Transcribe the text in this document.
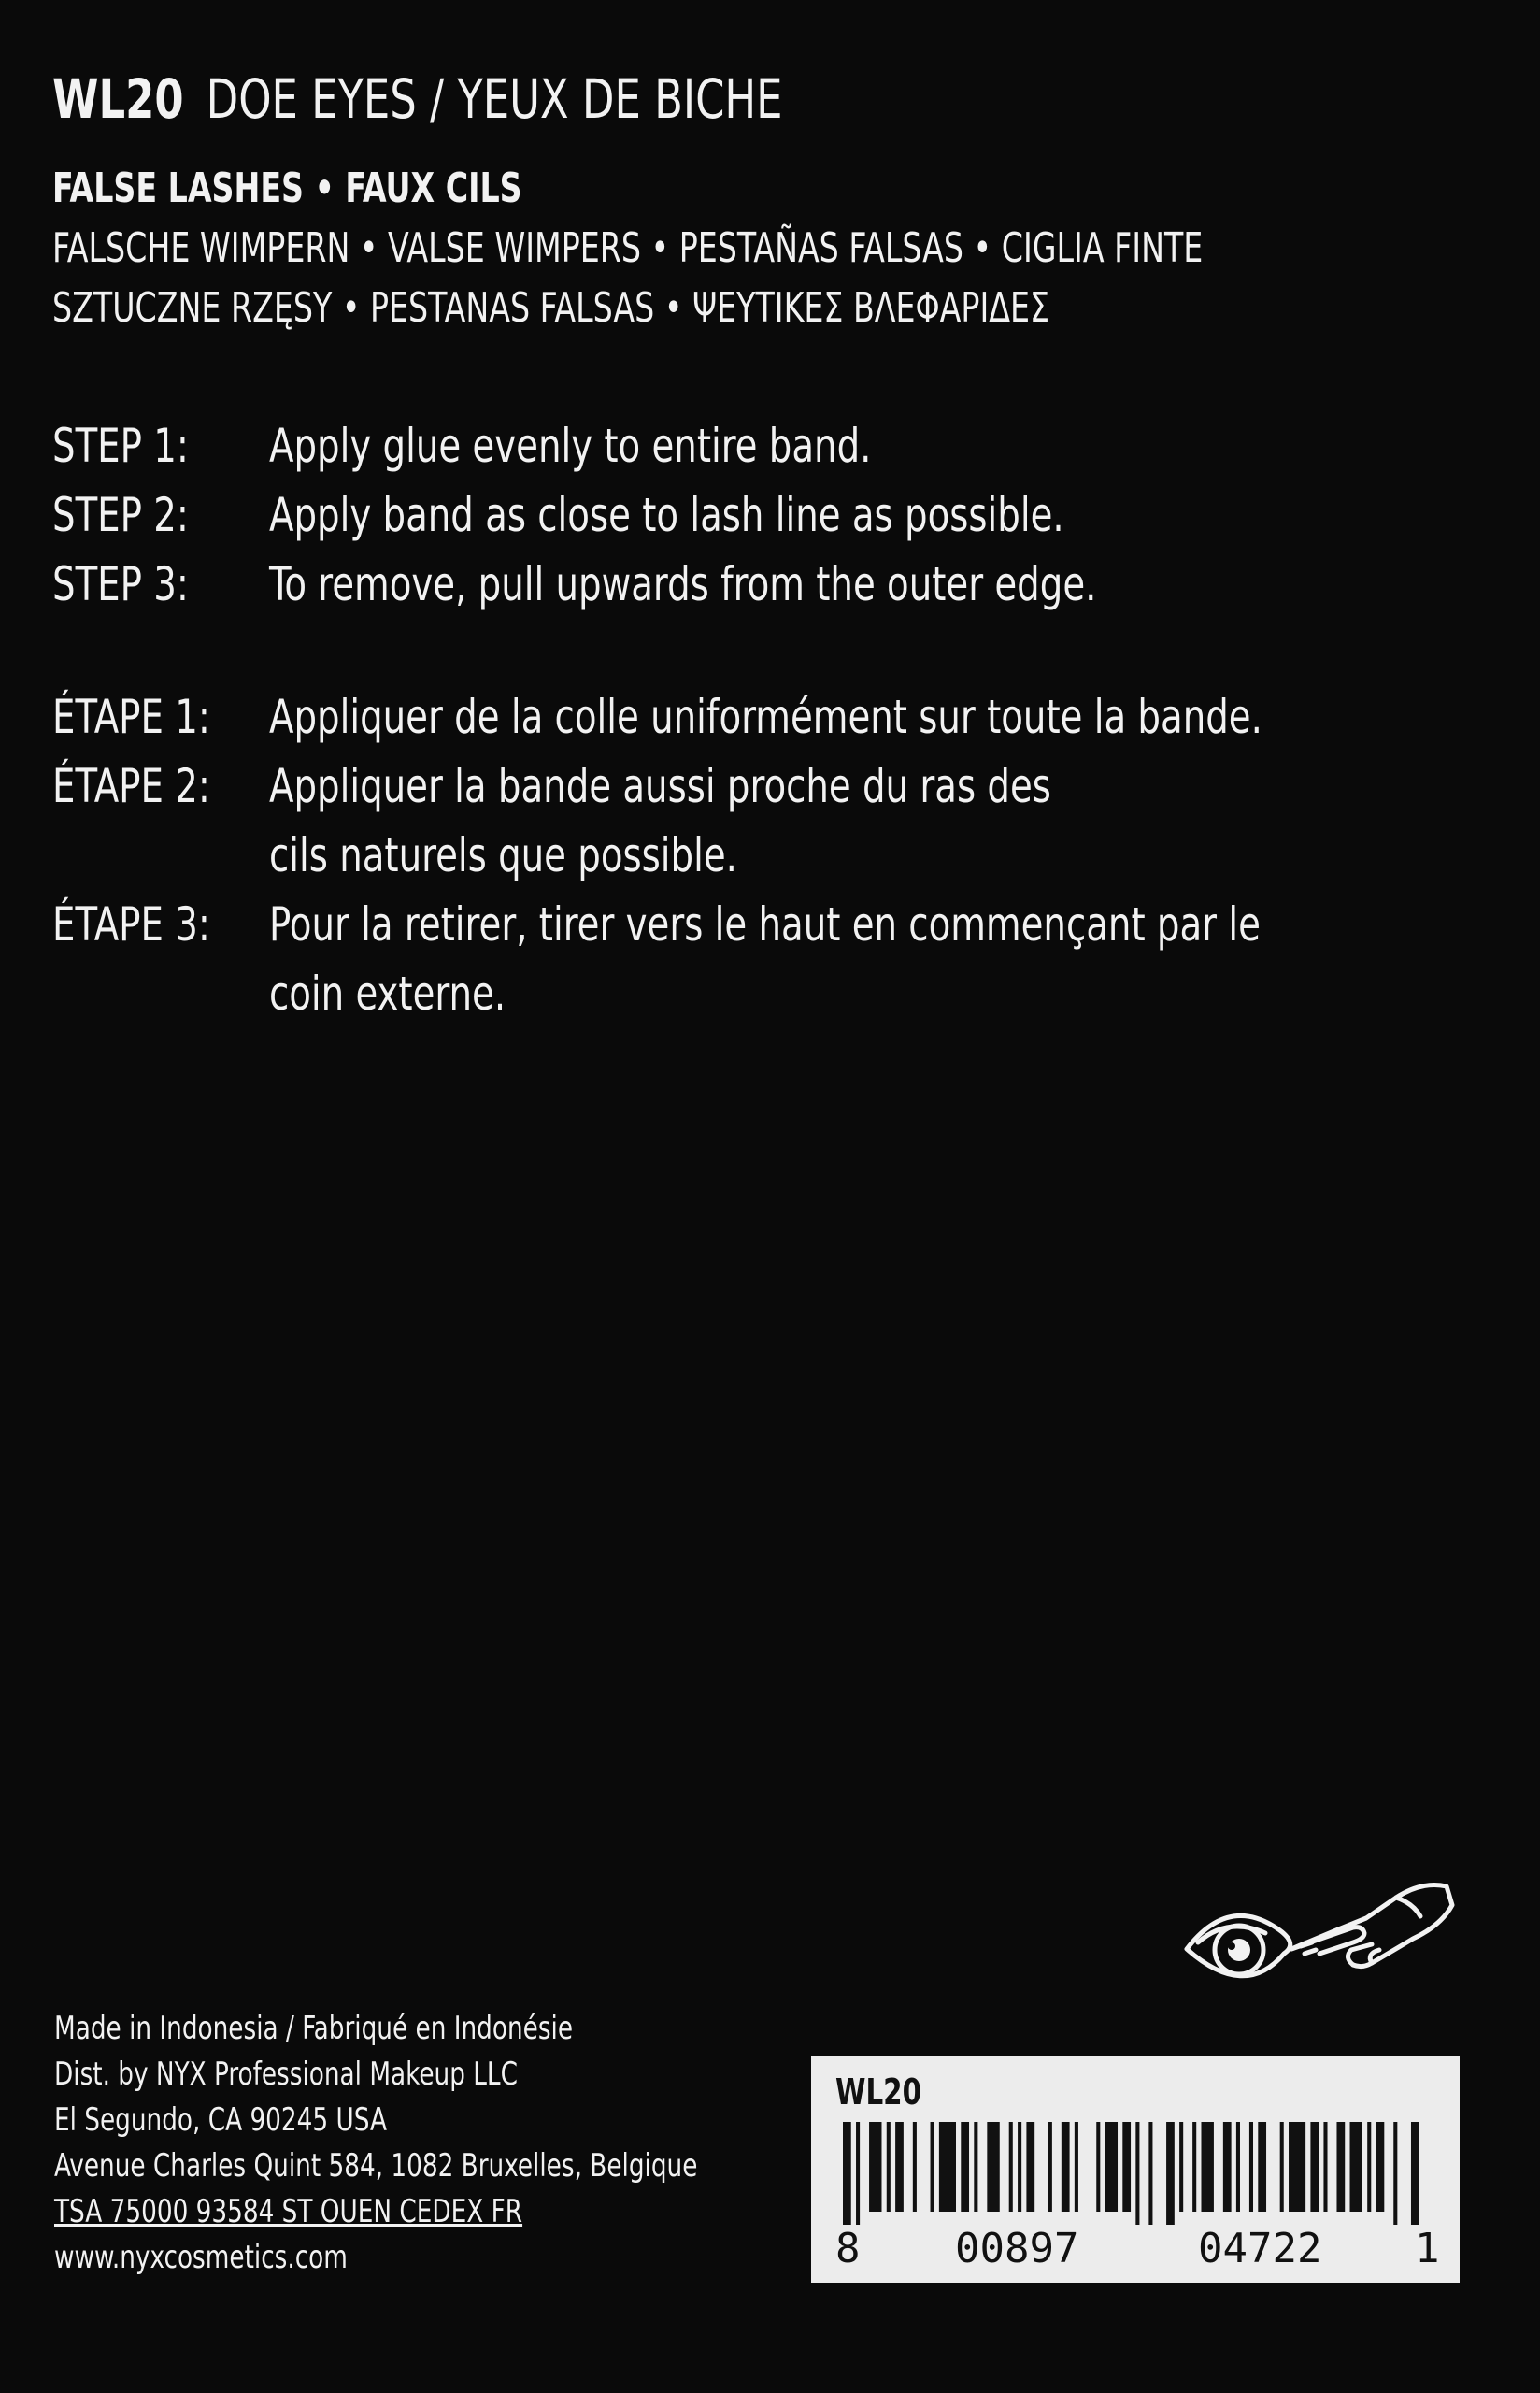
WL20 DOE EYES / YEUX DE BICHE
FALSE LASHES • FAUX CILS
FALSCHE WIMPERN • VALSE WIMPERS • PESTAÑAS FALSAS • CIGLIA FINTE
SZTUCZNE RZĘSY • PESTANAS FALSAS • ΨΕΥΤΙΚΕΣ ΒΛΕΦΑΡΙΔΕΣ
STEP 1:	Apply glue evenly to entire band.
STEP 2:	Apply band as close to lash line as possible.
STEP 3:	To remove, pull upwards from the outer edge.
ÉTAPE 1:	Appliquer de la colle uniformément sur toute la bande.
ÉTAPE 2:	Appliquer la bande aussi proche du ras des
cils naturels que possible.
ÉTAPE 3:	Pour la retirer, tirer vers le haut en commençant par le
coin externe.
Made in Indonesia / Fabriqué en Indonésie
Dist. by NYX Professional Makeup LLC
El Segundo, CA 90245 USA
Avenue Charles Quint 584, 1082 Bruxelles, Belgique
TSA 75000 93584 ST OUEN CEDEX FR
www.nyxcosmetics.com
WL20
8 00897	04722 1
